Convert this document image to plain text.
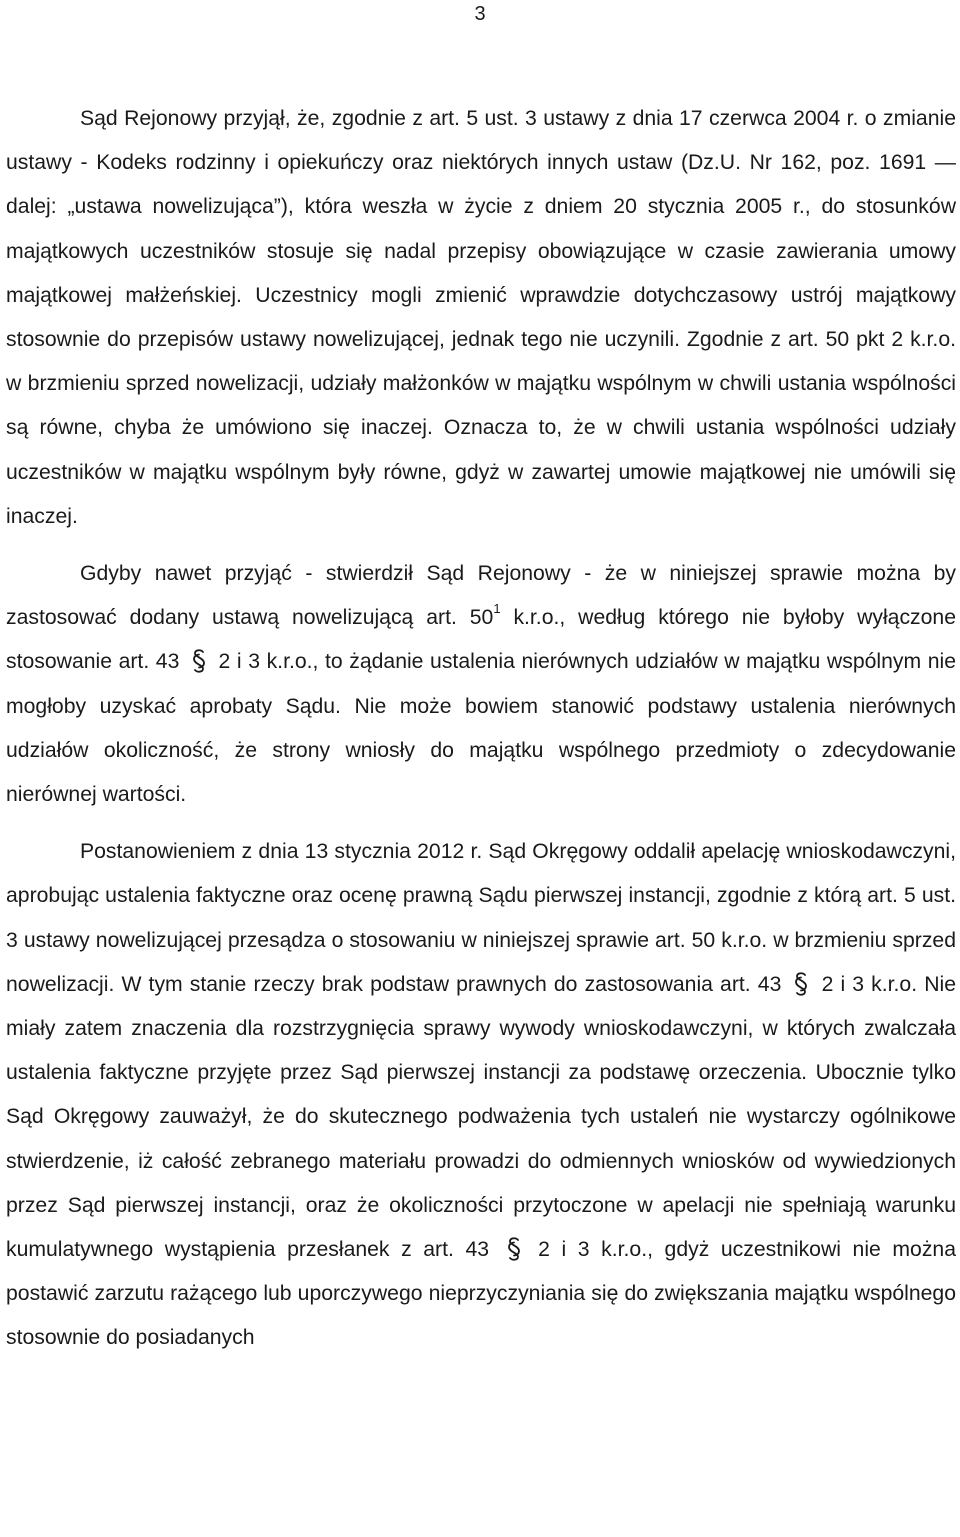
3

Sąd Rejonowy przyjął, że, zgodnie z art. 5 ust. 3 ustawy z dnia 17 czerwca 2004 r. o zmianie ustawy - Kodeks rodzinny i opiekuńczy oraz niektórych innych ustaw (Dz.U. Nr 162, poz. 1691 ― dalej: „ustawa nowelizująca”), która weszła w życie z dniem 20 stycznia 2005 r., do stosunków majątkowych uczestników stosuje się nadal przepisy obowiązujące w czasie zawierania umowy majątkowej małżeńskiej. Uczestnicy mogli zmienić wprawdzie dotychczasowy ustrój majątkowy stosownie do przepisów ustawy nowelizującej, jednak tego nie uczynili. Zgodnie z art. 50 pkt 2 k.r.o. w brzmieniu sprzed nowelizacji, udziały małżonków w majątku wspólnym w chwili ustania wspólności są równe, chyba że umówiono się inaczej. Oznacza to, że w chwili ustania wspólności udziały uczestników w majątku wspólnym były równe, gdyż w zawartej umowie majątkowej nie umówili się inaczej.

Gdyby nawet przyjąć - stwierdził Sąd Rejonowy - że w niniejszej sprawie można by zastosować dodany ustawą nowelizującą art. $50^1$ k.r.o., według którego nie byłoby wyłączone stosowanie art. 43
2 i 3 k.r.o., to żądanie ustalenia nierównych udziałów w majątku wspólnym nie mogłoby uzyskać aprobaty Sądu. Nie może bowiem stanowić podstawy ustalenia nierównych udziałów okoliczność, że strony wniosły do majątku wspólnego przedmioty o zdecydowanie nierównej wartości.

Postanowieniem z dnia 13 stycznia 2012 r. Sąd Okręgowy oddalił apelację wnioskodawczyni, aprobując ustalenia faktyczne oraz ocenę prawną Sądu pierwszej instancji, zgodnie z którą art. 5 ust. 3 ustawy nowelizującej przesądza o stosowaniu w niniejszej sprawie art. 50 k.r.o. w brzmieniu sprzed nowelizacji. W tym stanie rzeczy brak podstaw prawnych do zastosowania art. 43
2 i 3 k.r.o. Nie miały zatem znaczenia dla rozstrzygnięcia sprawy wywody wnioskodawczyni, w których zwalczała ustalenia faktyczne przyjęte przez Sąd pierwszej instancji za podstawę orzeczenia. Ubocznie tylko Sąd Okręgowy zauważył, że do skutecznego podważenia tych ustaleń nie wystarczy ogólnikowe stwierdzenie, iż całość zebranego materiału prowadzi do odmiennych wniosków od wywiedzionych przez Sąd pierwszej instancji, oraz że okoliczności przytoczone w apelacji nie spełniają warunku kumulatywnego wystąpienia przesłanek z art. 43
2 i 3 k.r.o., gdyż uczestnikowi nie można postawić zarzutu rażącego lub uporczywego nieprzyczyniania się do zwiększania majątku wspólnego stosownie do posiadanych
